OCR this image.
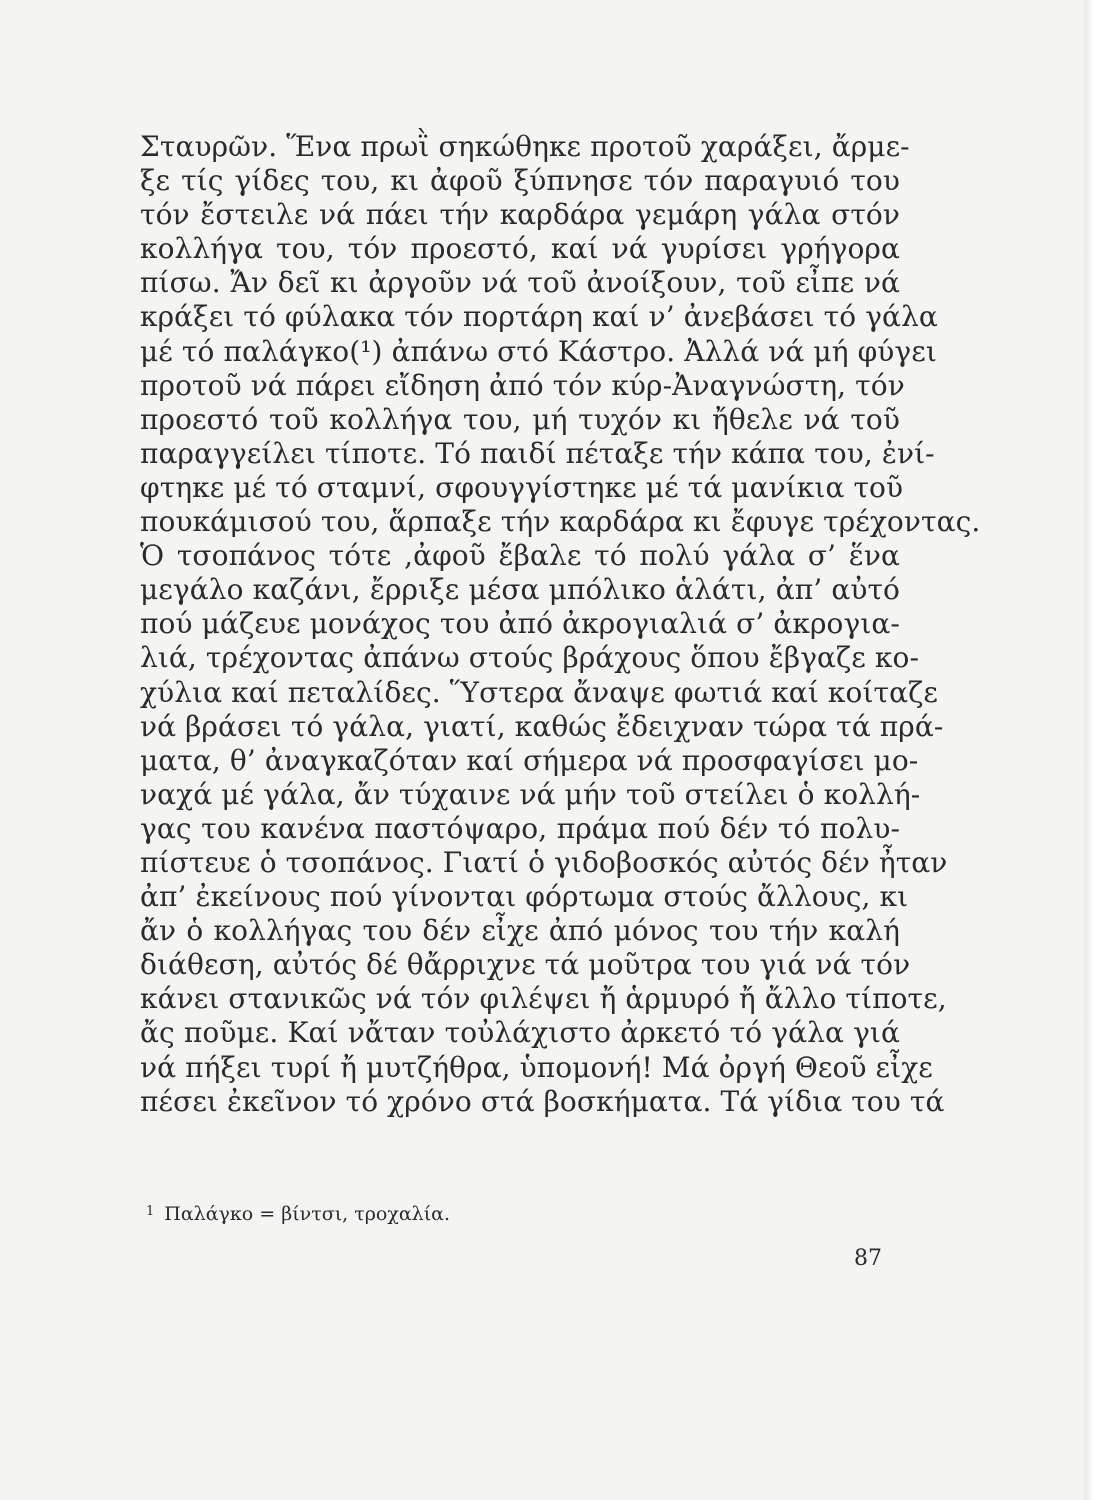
Σταυρῶν. Ἕνα πρωῒ σηκώθηκε προτοῦ χαράξει, ἄρμε-
ξε τίς γίδες του, κι ἀφοῦ ξύπνησε τόν παραγυιό του
τόν ἔστειλε νά πάει τήν καρδάρα γεμάρη γάλα στόν
κολλήγα του, τόν προεστό, καί νά γυρίσει γρήγορα
πίσω. Ἄν δεῖ κι ἀργοῦν νά τοῦ ἀνοίξουν, τοῦ εἶπε νά
κράξει τό φύλακα τόν πορτάρη καί ν’ ἀνεβάσει τό γάλα
μέ τό παλάγκο(¹) ἀπάνω στό Κάστρο. Ἀλλά νά μή φύγει
προτοῦ νά πάρει εἴδηση ἀπό τόν κύρ-Ἀναγνώστη, τόν
προεστό τοῦ κολλήγα του, μή τυχόν κι ἤθελε νά τοῦ
παραγγείλει τίποτε. Τό παιδί πέταξε τήν κάπα του, ἐνί-
φτηκε μέ τό σταμνί, σφουγγίστηκε μέ τά μανίκια τοῦ
πουκάμισού του, ἅρπαξε τήν καρδάρα κι ἔφυγε τρέχοντας.
Ὁ τσοπάνος τότε ,ἀφοῦ ἔβαλε τό πολύ γάλα σ’ ἕνα
μεγάλο καζάνι, ἔρριξε μέσα μπόλικο ἁλάτι, ἀπ’ αὐτό
πού μάζευε μονάχος του ἀπό ἀκρογιαλιά σ’ ἀκρογια-
λιά, τρέχοντας ἀπάνω στούς βράχους ὅπου ἔβγαζε κο-
χύλια καί πεταλίδες. Ὕστερα ἄναψε φωτιά καί κοίταζε
νά βράσει τό γάλα, γιατί, καθώς ἔδειχναν τώρα τά πρά-
ματα, θ’ ἀναγκαζόταν καί σήμερα νά προσφαγίσει μο-
ναχά μέ γάλα, ἄν τύχαινε νά μήν τοῦ στείλει ὁ κολλή-
γας του κανένα παστόψαρο, πράμα πού δέν τό πολυ-
πίστευε ὁ τσοπάνος. Γιατί ὁ γιδοβοσκός αὐτός δέν ἦταν
ἀπ’ ἐκείνους πού γίνονται φόρτωμα στούς ἄλλους, κι
ἄν ὁ κολλήγας του δέν εἶχε ἀπό μόνος του τήν καλή
διάθεση, αὐτός δέ θἄρριχνε τά μοῦτρα του γιά νά τόν
κάνει στανικῶς νά τόν φιλέψει ἤ ἁρμυρό ἤ ἄλλο τίποτε,
ἄς ποῦμε. Καί νἄταν τοὐλάχιστο ἀρκετό τό γάλα γιά
νά πήξει τυρί ἤ μυτζήθρα, ὑπομονή! Μά ὀργή Θεοῦ εἶχε
πέσει ἐκεῖνον τό χρόνο στά βοσκήματα. Τά γίδια του τά
$^1$ Παλάγκο = βίντσι, τροχαλία.
87
